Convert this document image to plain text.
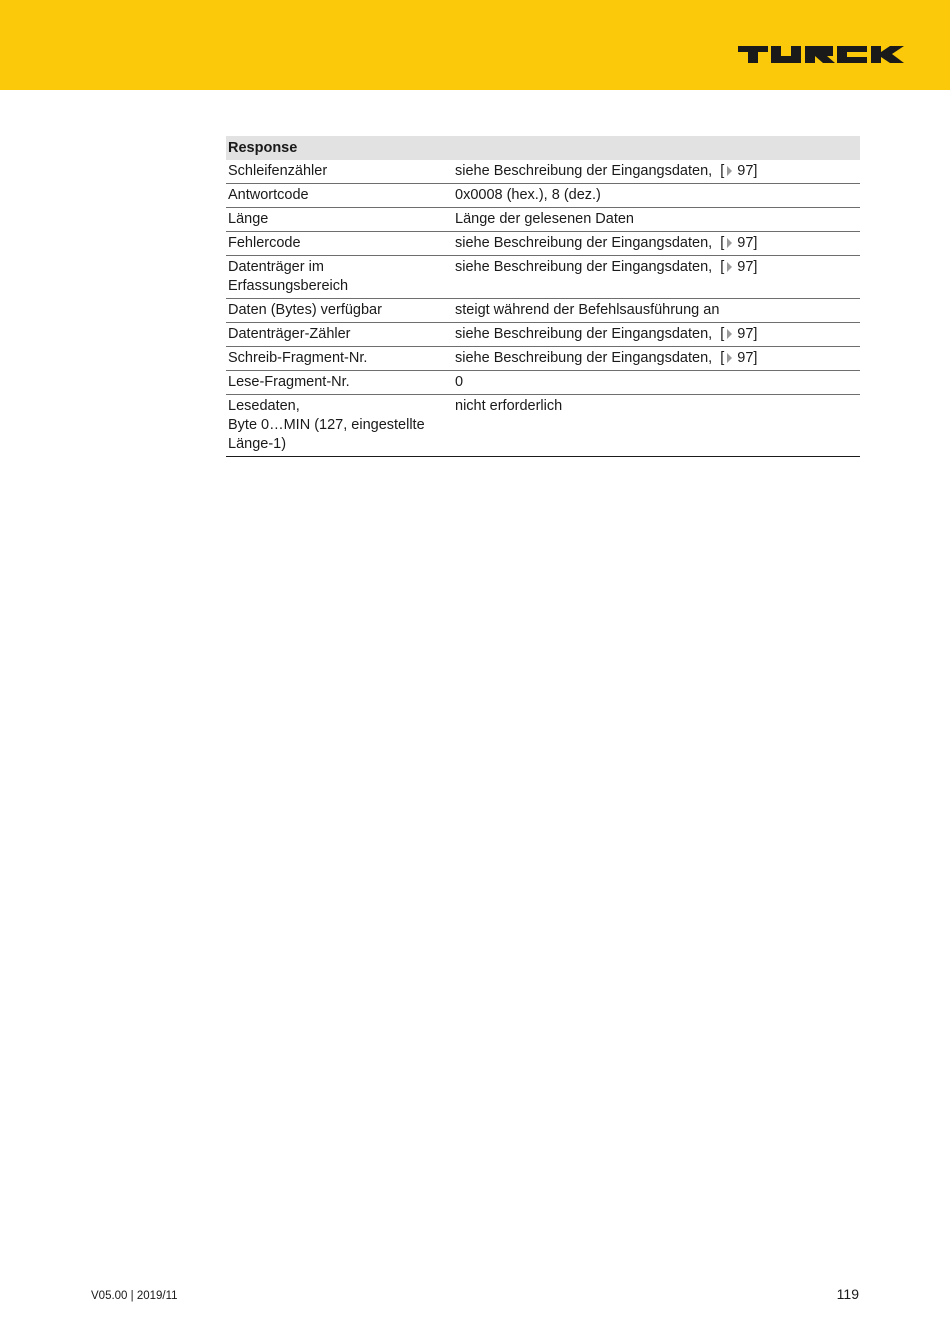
Response	

Schleifenzähler	siehe Beschreibung der Eingangsdaten,  [ 97]

Antwortcode	0x0008 (hex.), 8 (dez.)

Länge	Länge der gelesenen Daten

Fehlercode	siehe Beschreibung der Eingangsdaten,  [ 97]

Datenträger im
Erfassungsbereich	siehe Beschreibung der Eingangsdaten,  [ 97]

Daten (Bytes) verfügbar	steigt während der Befehlsausführung an

Datenträger-Zähler	siehe Beschreibung der Eingangsdaten,  [ 97]

Schreib-Fragment-Nr.	siehe Beschreibung der Eingangsdaten,  [ 97]

Lese-Fragment-Nr.	0

Lesedaten,
Byte 0…MIN (127, eingestellte
Länge-1)	nicht erforderlich
V05.00 | 2019/11	119
